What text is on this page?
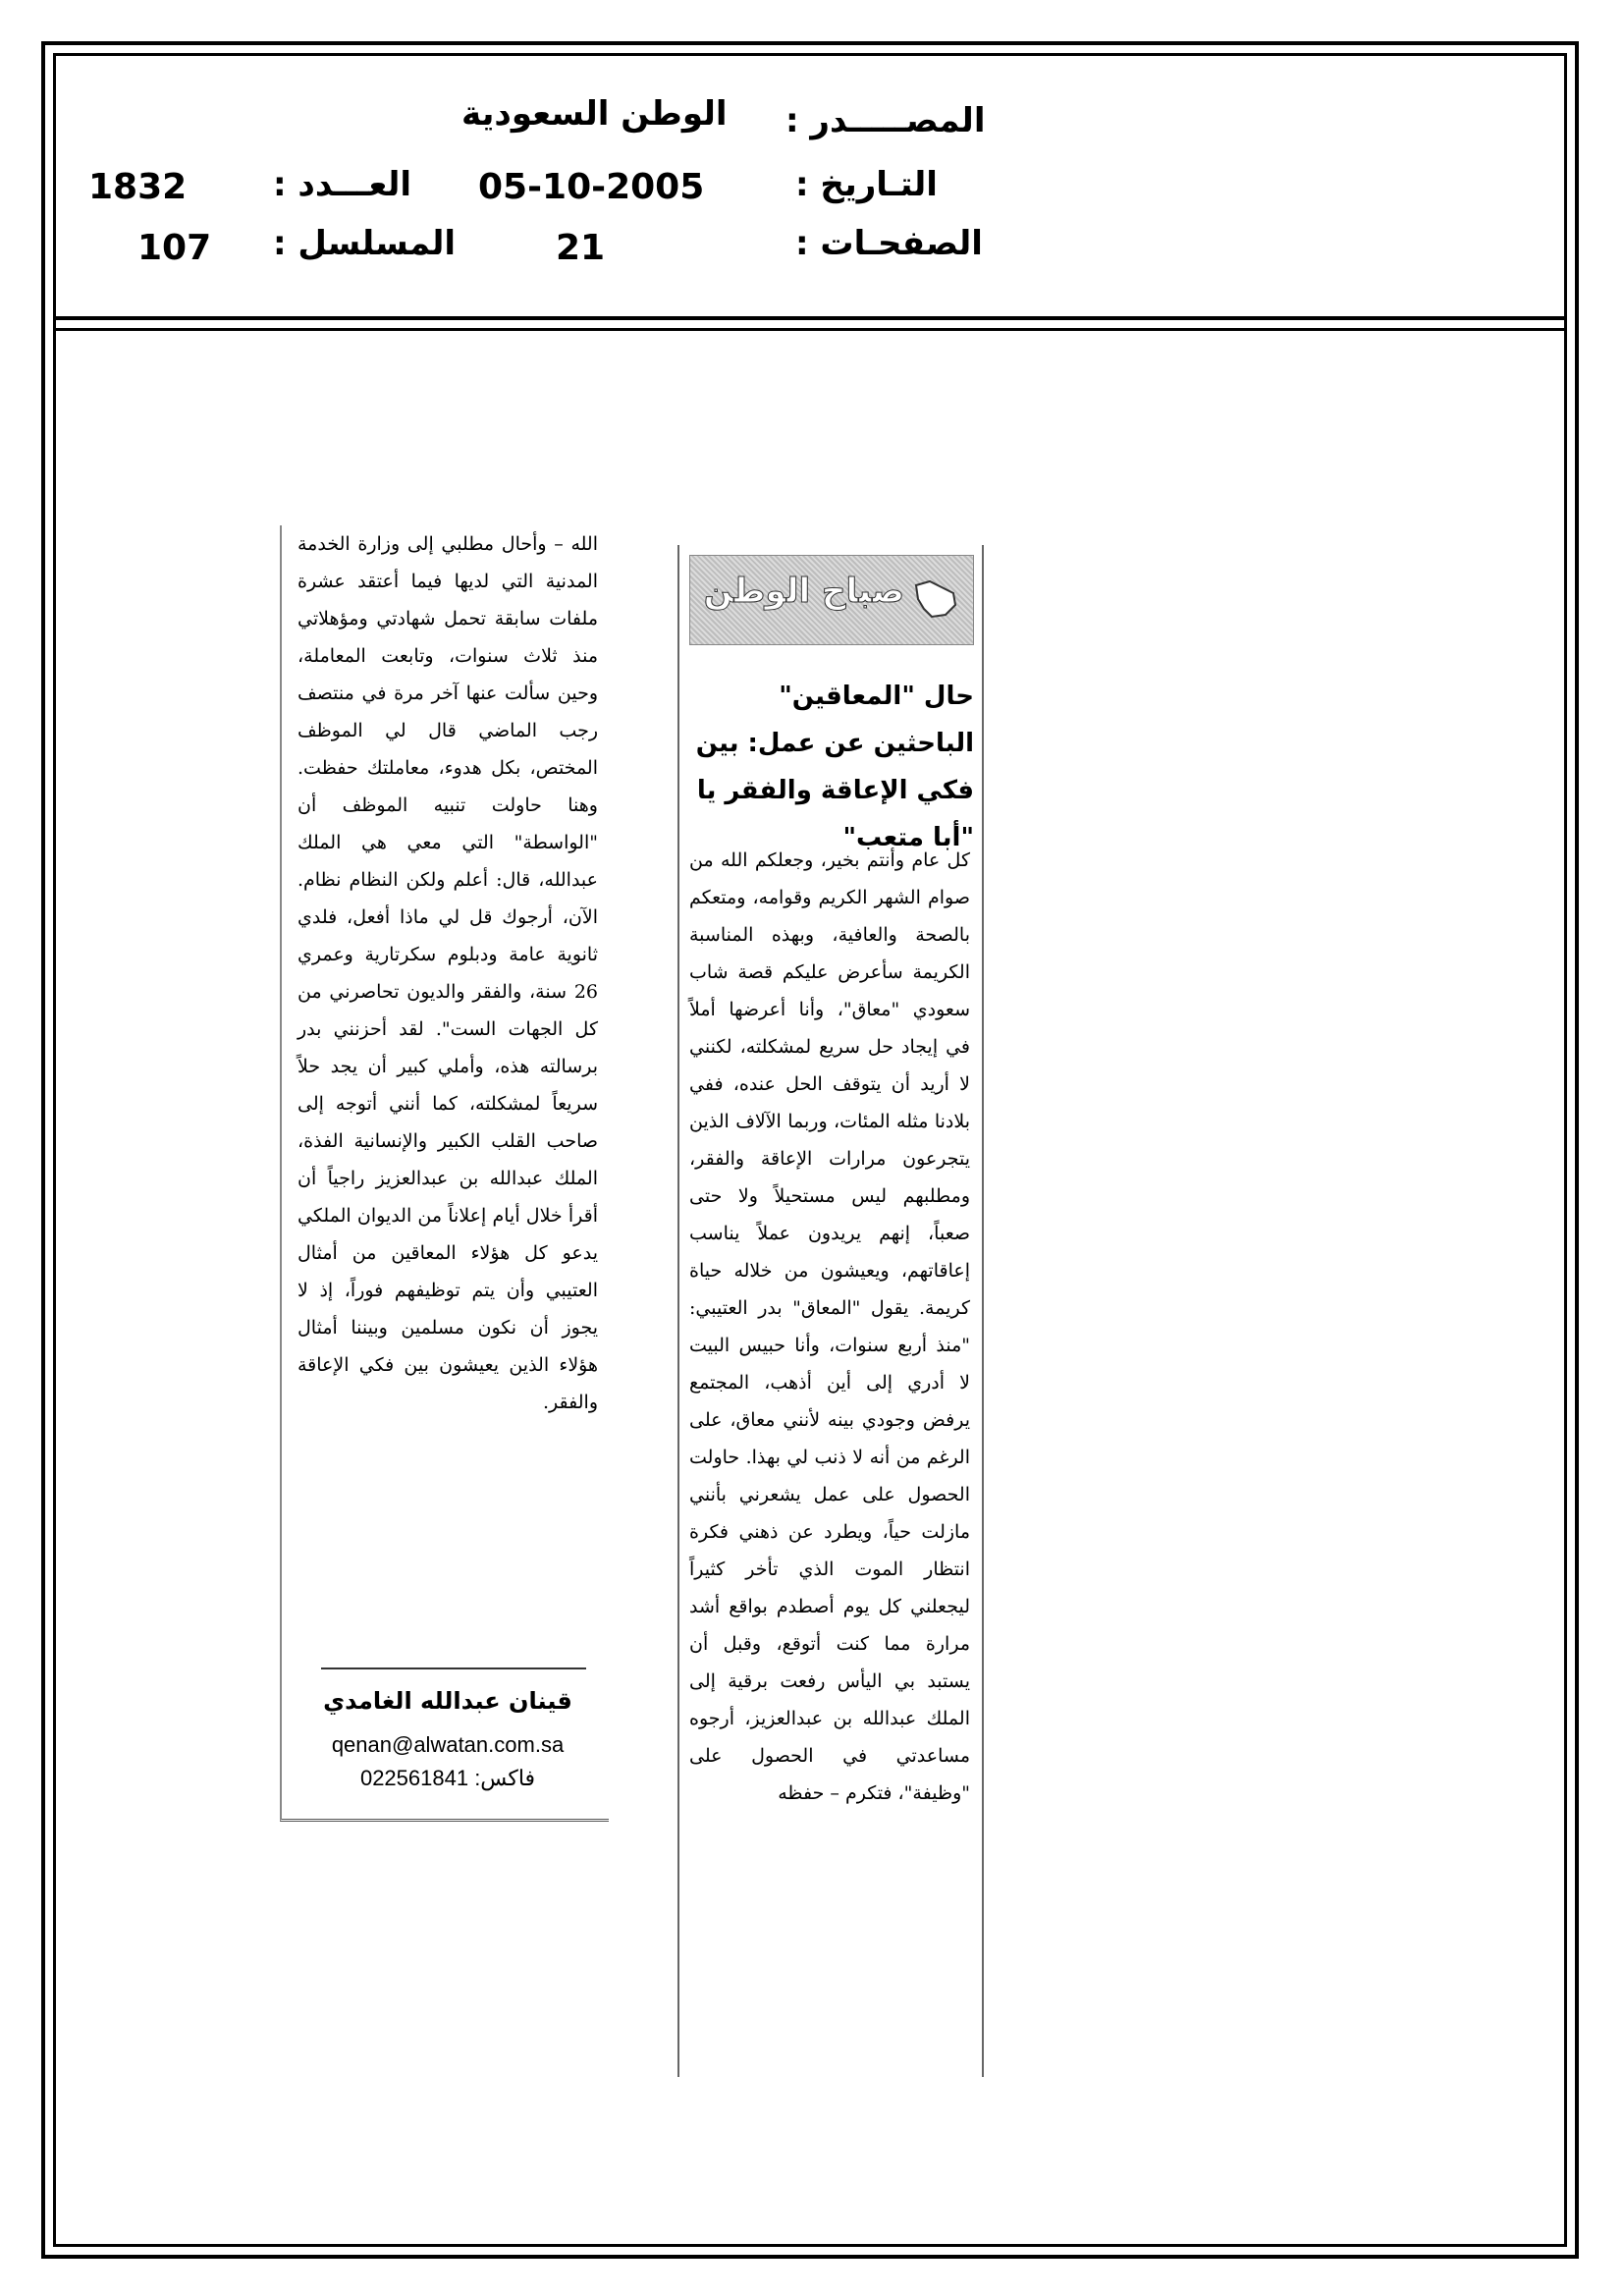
المصـــــدر :
الوطن السعودية
التـاريخ :
05-10-2005
العـــدد :
1832
الصفحـات :
21
المسلسل :
107
صباح الوطن
حال "المعاقين" الباحثين عن عمل: بين فكي الإعاقة والفقر يا "أبا متعب"
كل عام وأنتم بخير، وجعلكم الله من صوام الشهر الكريم وقوامه، ومتعكم بالصحة والعافية، وبهذه المناسبة الكريمة سأعرض عليكم قصة شاب سعودي "معاق"، وأنا أعرضها أملاً في إيجاد حل سريع لمشكلته، لكنني لا أريد أن يتوقف الحل عنده، ففي بلادنا مثله المئات، وربما الآلاف الذين يتجرعون مرارات الإعاقة والفقر، ومطلبهم ليس مستحيلاً ولا حتى صعباً، إنهم يريدون عملاً يناسب إعاقاتهم، ويعيشون من خلاله حياة كريمة. يقول "المعاق" بدر العتيبي: "منذ أربع سنوات، وأنا حبيس البيت لا أدري إلى أين أذهب، المجتمع يرفض وجودي بينه لأنني معاق، على الرغم من أنه لا ذنب لي بهذا. حاولت الحصول على عمل يشعرني بأنني مازلت حياً، ويطرد عن ذهني فكرة انتظار الموت الذي تأخر كثيراً ليجعلني كل يوم أصطدم بواقع أشد مرارة مما كنت أتوقع، وقبل أن يستبد بي اليأس رفعت برقية إلى الملك عبدالله بن عبدالعزيز، أرجوه مساعدتي في الحصول على "وظيفة"، فتكرم – حفظه
الله – وأحال مطلبي إلى وزارة الخدمة المدنية التي لديها فيما أعتقد عشرة ملفات سابقة تحمل شهادتي ومؤهلاتي منذ ثلاث سنوات، وتابعت المعاملة، وحين سألت عنها آخر مرة في منتصف رجب الماضي قال لي الموظف المختص، بكل هدوء، معاملتك حفظت. وهنا حاولت تنبيه الموظف أن "الواسطة" التي معي هي الملك عبدالله، قال: أعلم ولكن النظام نظام. الآن، أرجوك قل لي ماذا أفعل، فلدي ثانوية عامة ودبلوم سكرتارية وعمري 26 سنة، والفقر والديون تحاصرني من كل الجهات الست". لقد أحزنني بدر برسالته هذه، وأملي كبير أن يجد حلاً سريعاً لمشكلته، كما أنني أتوجه إلى صاحب القلب الكبير والإنسانية الفذة، الملك عبدالله بن عبدالعزيز راجياً أن أقرأ خلال أيام إعلاناً من الديوان الملكي يدعو كل هؤلاء المعاقين من أمثال العتيبي وأن يتم توظيفهم فوراً، إذ لا يجوز أن نكون مسلمين وبيننا أمثال هؤلاء الذين يعيشون بين فكي الإعاقة والفقر.
قينان عبدالله الغامدي
qenan@alwatan.com.sa
فاكس: 022561841
